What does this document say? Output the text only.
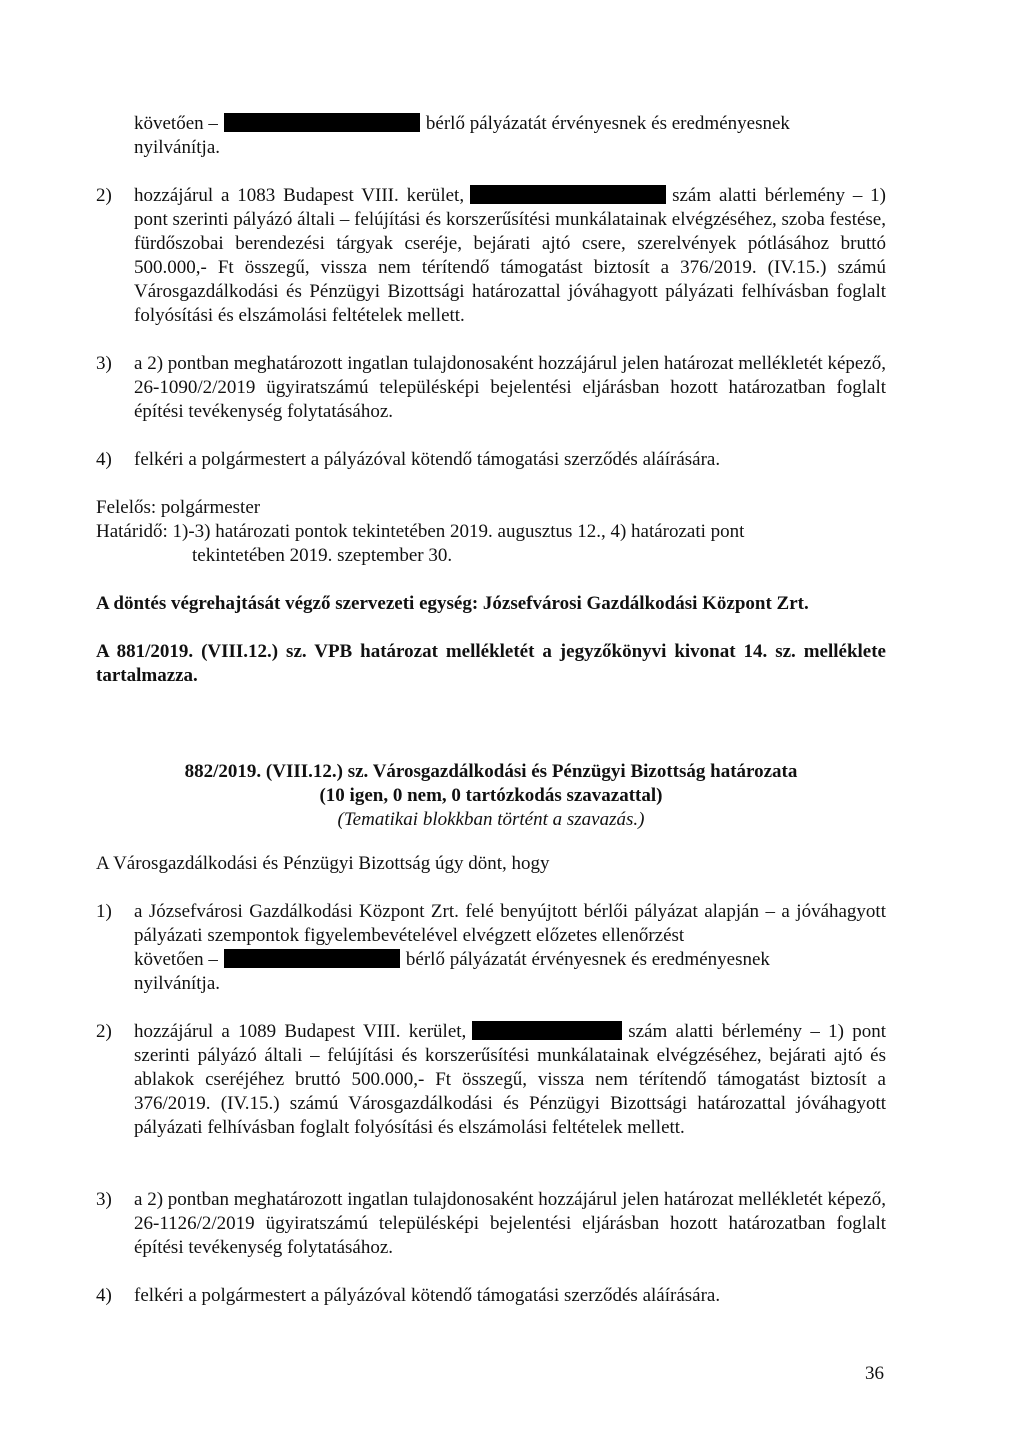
követően –	bérlő pályázatát érvényesnek és eredményesnek
nyilvánítja.
2) hozzájárul a 1083 Budapest VIII. kerület,	szám alatti bérlemény – 1) pont szerinti pályázó általi – felújítási és korszerűsítési munkálatainak elvégzéséhez, szoba festése, fürdőszobai berendezési tárgyak cseréje, bejárati ajtó csere, szerelvények pótlásához bruttó 500.000,- Ft összegű, vissza nem térítendő támogatást biztosít a 376/2019. (IV.15.) számú Városgazdálkodási és Pénzügyi Bizottsági határozattal jóváhagyott pályázati felhívásban foglalt folyósítási és elszámolási feltételek mellett.
3) a 2) pontban meghatározott ingatlan tulajdonosaként hozzájárul jelen határozat mellékletét képező, 26-1090/2/2019 ügyiratszámú településképi bejelentési eljárásban hozott határozatban foglalt építési tevékenység folytatásához.
4) felkéri a polgármestert a pályázóval kötendő támogatási szerződés aláírására.
Felelős: polgármester
Határidő: 1)-3) határozati pontok tekintetében 2019. augusztus 12., 4) határozati pont
tekintetében 2019. szeptember 30.
A döntés végrehajtását végző szervezeti egység: Józsefvárosi Gazdálkodási Központ Zrt.
A 881/2019. (VIII.12.) sz. VPB határozat mellékletét a jegyzőkönyvi kivonat 14. sz. melléklete tartalmazza.
882/2019. (VIII.12.) sz. Városgazdálkodási és Pénzügyi Bizottság határozata
(10 igen, 0 nem, 0 tartózkodás szavazattal)
(Tematikai blokkban történt a szavazás.)
A Városgazdálkodási és Pénzügyi Bizottság úgy dönt, hogy
1) a Józsefvárosi Gazdálkodási Központ Zrt. felé benyújtott bérlői pályázat alapján – a jóváhagyott pályázati szempontok figyelembevételével elvégzett előzetes ellenőrzést
követően –	bérlő pályázatát érvényesnek és eredményesnek
nyilvánítja.
2) hozzájárul a 1089 Budapest VIII. kerület,	szám alatti bérlemény – 1) pont szerinti pályázó általi – felújítási és korszerűsítési munkálatainak elvégzéséhez, bejárati ajtó és ablakok cseréjéhez bruttó 500.000,- Ft összegű, vissza nem térítendő támogatást biztosít a 376/2019. (IV.15.) számú Városgazdálkodási és Pénzügyi Bizottsági határozattal jóváhagyott pályázati felhívásban foglalt folyósítási és elszámolási feltételek mellett.
3) a 2) pontban meghatározott ingatlan tulajdonosaként hozzájárul jelen határozat mellékletét képező, 26-1126/2/2019 ügyiratszámú településképi bejelentési eljárásban hozott határozatban foglalt építési tevékenység folytatásához.
4) felkéri a polgármestert a pályázóval kötendő támogatási szerződés aláírására.
36
